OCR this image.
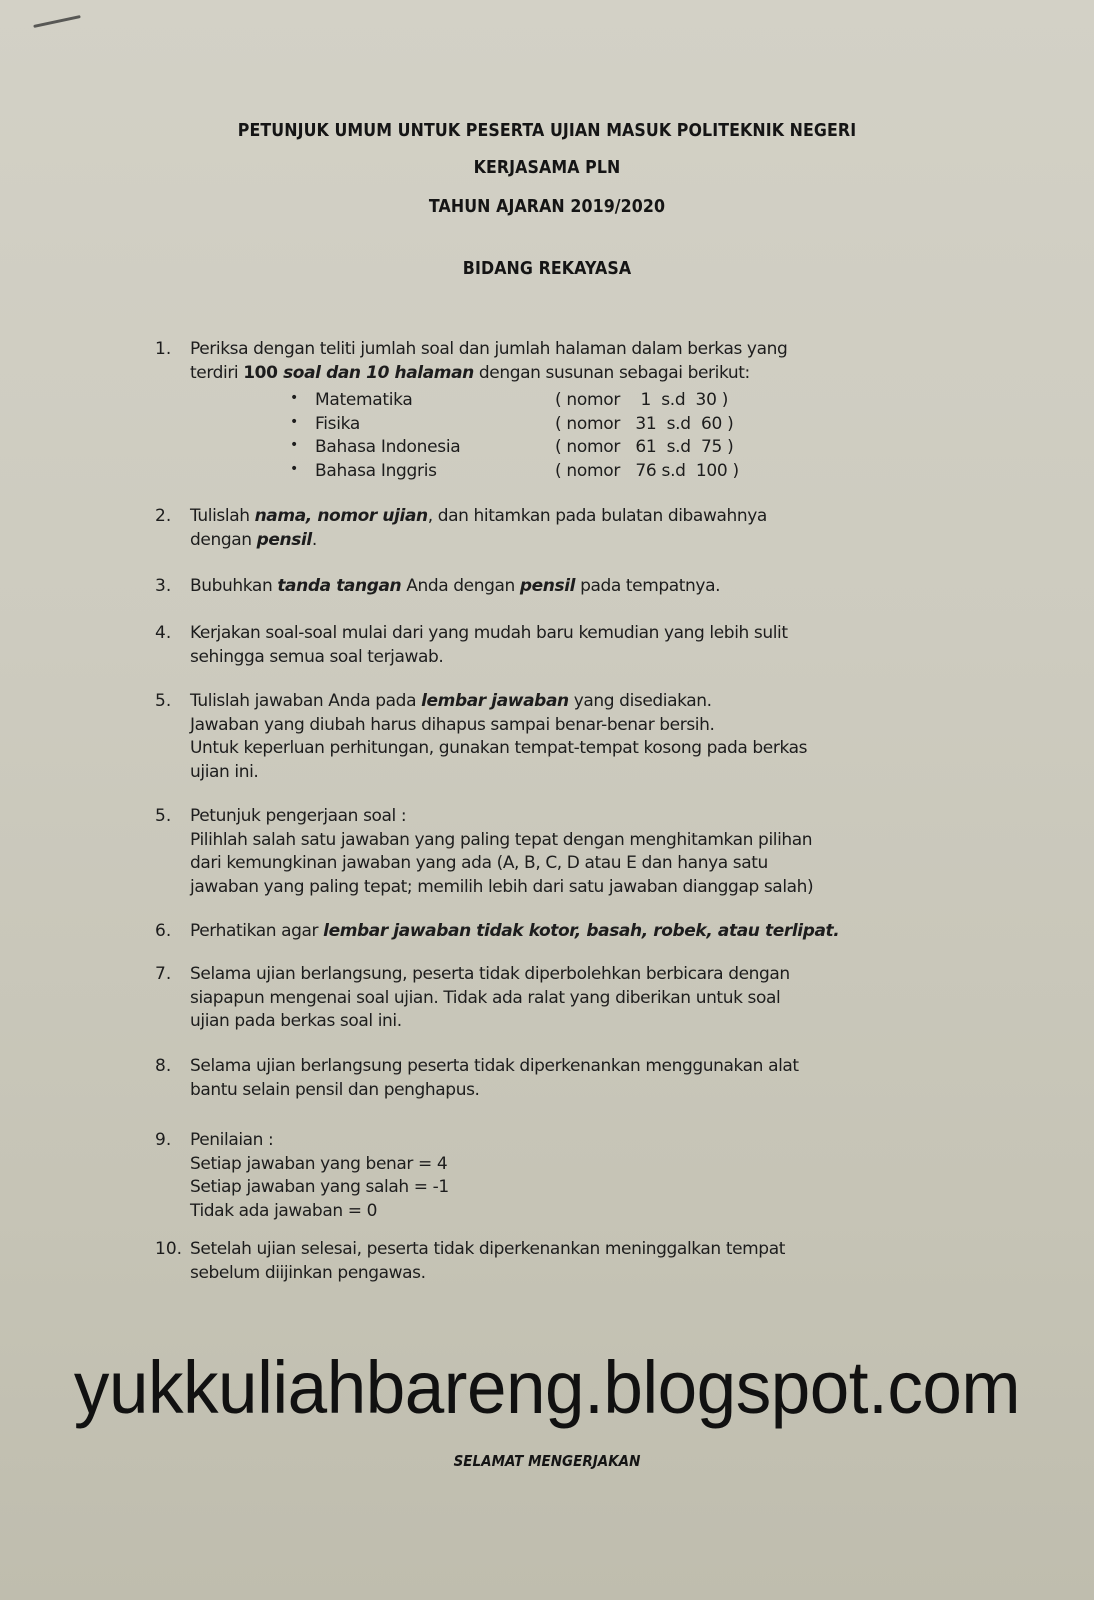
PETUNJUK UMUM UNTUK PESERTA UJIAN MASUK POLITEKNIK NEGERI
KERJASAMA PLN
TAHUN AJARAN 2019/2020
BIDANG REKAYASA
1. Periksa dengan teliti jumlah soal dan jumlah halaman dalam berkas yang
terdiri 100 soal dan 10 halaman dengan susunan sebagai berikut:
• Matematika	( nomor    1  s.d  30 )
• Fisika	( nomor   31  s.d  60 )
• Bahasa Indonesia	( nomor   61  s.d  75 )
• Bahasa Inggris	( nomor   76 s.d  100 )
2. Tulislah nama, nomor ujian, dan hitamkan pada bulatan dibawahnya
dengan pensil.
3. Bubuhkan tanda tangan Anda dengan pensil pada tempatnya.
4. Kerjakan soal-soal mulai dari yang mudah baru kemudian yang lebih sulit
sehingga semua soal terjawab.
5. Tulislah jawaban Anda pada lembar jawaban yang disediakan.
Jawaban yang diubah harus dihapus sampai benar-benar bersih.
Untuk keperluan perhitungan, gunakan tempat-tempat kosong pada berkas
ujian ini.
5. Petunjuk pengerjaan soal :
Pilihlah salah satu jawaban yang paling tepat dengan menghitamkan pilihan
dari kemungkinan jawaban yang ada (A, B, C, D atau E dan hanya satu
jawaban yang paling tepat; memilih lebih dari satu jawaban dianggap salah)
6. Perhatikan agar lembar jawaban tidak kotor, basah, robek, atau terlipat.
7. Selama ujian berlangsung, peserta tidak diperbolehkan berbicara dengan
siapapun mengenai soal ujian. Tidak ada ralat yang diberikan untuk soal
ujian pada berkas soal ini.
8. Selama ujian berlangsung peserta tidak diperkenankan menggunakan alat
bantu selain pensil dan penghapus.
9. Penilaian :
Setiap jawaban yang benar = 4
Setiap jawaban yang salah = -1
Tidak ada jawaban = 0
10. Setelah ujian selesai, peserta tidak diperkenankan meninggalkan tempat
sebelum diijinkan pengawas.
yukkuliahbareng.blogspot.com
SELAMAT MENGERJAKAN
